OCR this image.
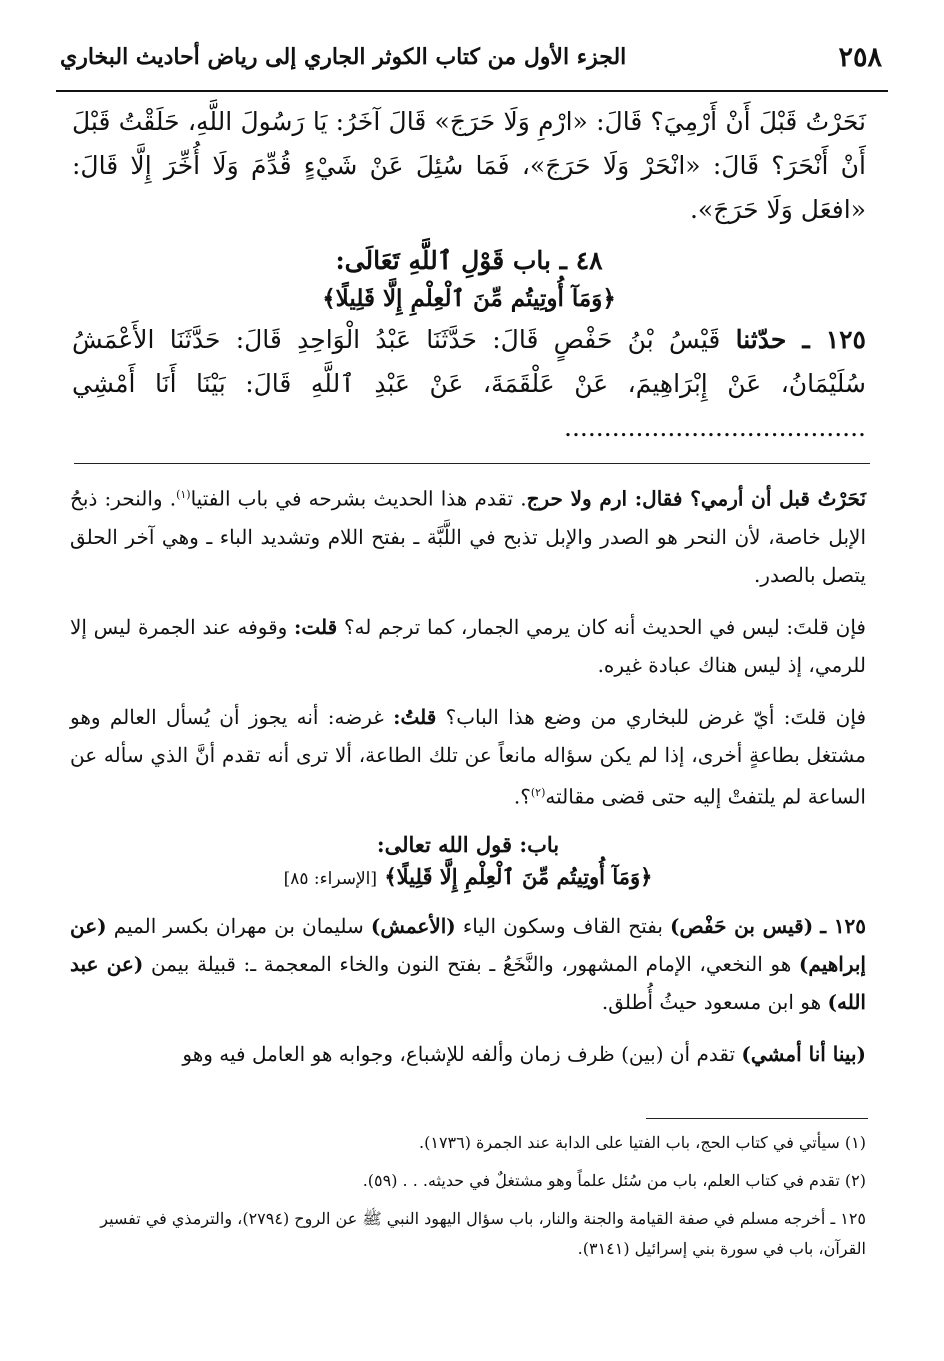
٢٥٨
الجزء الأول من كتاب الكوثر الجاري إلى رياض أحاديث البخاري

نَحَرْتُ قَبْلَ أَنْ أَرْمِيَ؟ قَالَ: «ارْمِ وَلَا حَرَجَ» قَالَ آخَرُ: يَا رَسُولَ اللَّهِ، حَلَقْتُ قَبْلَ أَنْ أَنْحَرَ؟ قَالَ: «انْحَرْ وَلَا حَرَجَ»، فَمَا سُئِلَ عَنْ شَيْءٍ قُدِّمَ وَلَا أُخِّرَ إِلَّا قَالَ: «افعَل وَلَا حَرَجَ».

٤٨ ـ باب قَوْلِ ٱللَّهِ تَعَالَى:
﴿وَمَآ أُوتِيتُم مِّنَ ٱلْعِلْمِ إِلَّا قَلِيلًا﴾

١٢٥ ـ حدّثنا قَيْسُ بْنُ حَفْصٍ قَالَ: حَدَّثَنَا عَبْدُ الْوَاحِدِ قَالَ: حَدَّثَنَا الأَعْمَشُ سُلَيْمَانُ، عَنْ إِبْرَاهِيمَ، عَنْ عَلْقَمَةَ، عَنْ عَبْدِ ٱللَّهِ قَالَ: بَيْنَا أَنَا أَمْشِي ......................................

نَحَرْتُ قبل أن أرمي؟ فقال: ارم ولا حرج. تقدم هذا الحديث بشرحه في باب الفتيا$^{(١)}$. والنحر: ذبحُ الإبل خاصة، لأن النحر هو الصدر والإبل تذبح في اللَّبَّة ـ بفتح اللام وتشديد الباء ـ وهي آخر الحلق يتصل بالصدر.

فإن قلتَ: ليس في الحديث أنه كان يرمي الجمار، كما ترجم له؟ قلت: وقوفه عند الجمرة ليس إلا للرمي، إذ ليس هناك عبادة غيره.

فإن قلتَ: أيّ غرض للبخاري من وضع هذا الباب؟ قلتُ: غرضه: أنه يجوز أن يُسأل العالم وهو مشتغل بطاعةٍ أخرى، إذا لم يكن سؤاله مانعاً عن تلك الطاعة، ألا ترى أنه تقدم أنَّ الذي سأله عن الساعة لم يلتفتْ إليه حتى قضى مقالته$^{(٢)}$؟.

باب: قول الله تعالى:
﴿وَمَآ أُوتِيتُم مِّنَ ٱلْعِلْمِ إِلَّا قَلِيلًا﴾ [الإسراء: ٨٥]

١٢٥ ـ (قيس بن حَفْص) بفتح القاف وسكون الياء (الأعمش) سليمان بن مهران بكسر الميم (عن إبراهيم) هو النخعي، الإمام المشهور، والنَّخَعُ ـ بفتح النون والخاء المعجمة ـ: قبيلة بيمن (عن عبد الله) هو ابن مسعود حيثُ أُطلق.

(بينا أنا أمشي) تقدم أن (بين) ظرف زمان وألفه للإشباع، وجوابه هو العامل فيه وهو

(١) سيأتي في كتاب الحج، باب الفتيا على الدابة عند الجمرة (١٧٣٦).

(٢) تقدم في كتاب العلم، باب من سُئل علماً وهو مشتغلٌ في حديثه. . . (٥٩).

١٢٥ ـ أخرجه مسلم في صفة القيامة والجنة والنار، باب سؤال اليهود النبي ﷺ عن الروح (٢٧٩٤)، والترمذي في تفسير القرآن، باب في سورة بني إسرائيل (٣١٤١).
